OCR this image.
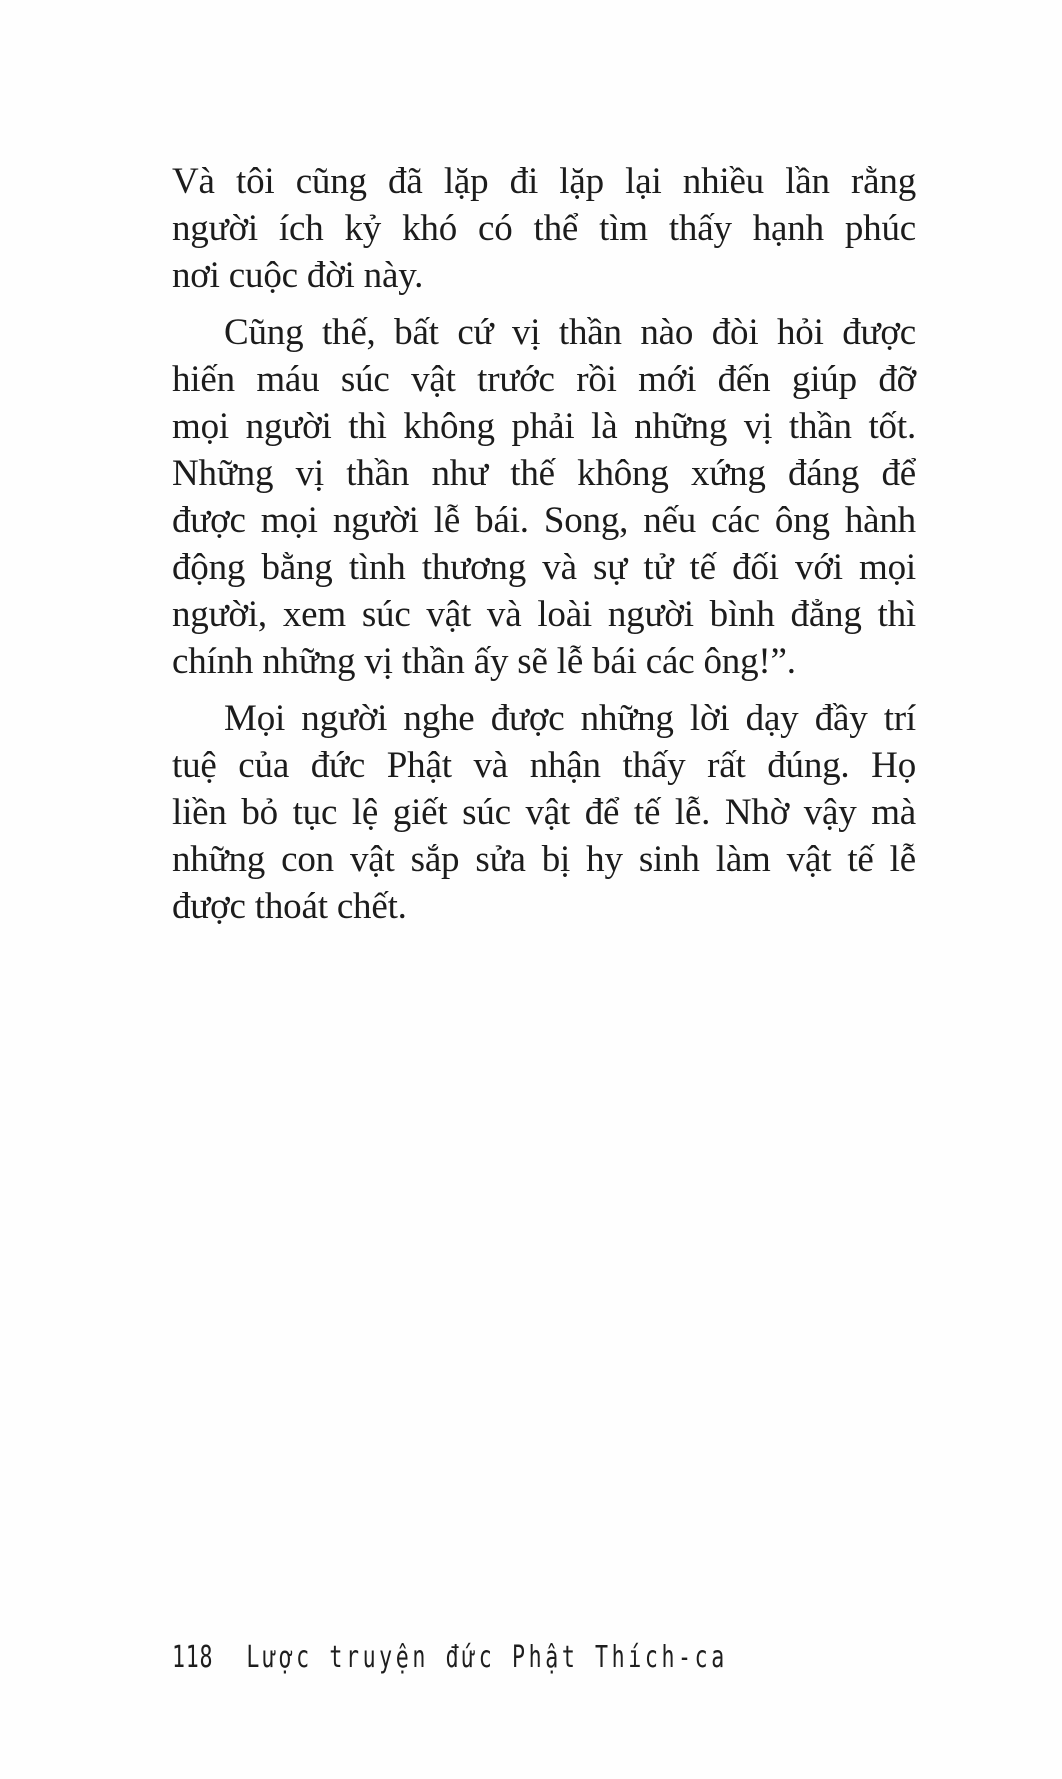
Và tôi cũng đã lặp đi lặp lại nhiều lần rằng
người ích kỷ khó có thể tìm thấy hạnh phúc
nơi cuộc đời này.

Cũng thế, bất cứ vị thần nào đòi hỏi được
hiến máu súc vật trước rồi mới đến giúp đỡ
mọi người thì không phải là những vị thần tốt.
Những vị thần như thế không xứng đáng để
được mọi người lễ bái. Song, nếu các ông hành
động bằng tình thương và sự tử tế đối với mọi
người, xem súc vật và loài người bình đẳng thì
chính những vị thần ấy sẽ lễ bái các ông!”.

Mọi người nghe được những lời dạy đầy trí
tuệ của đức Phật và nhận thấy rất đúng. Họ
liền bỏ tục lệ giết súc vật để tế lễ. Nhờ vậy mà
những con vật sắp sửa bị hy sinh làm vật tế lễ
được thoát chết.

118 Lược truyện đức Phật Thích-ca
